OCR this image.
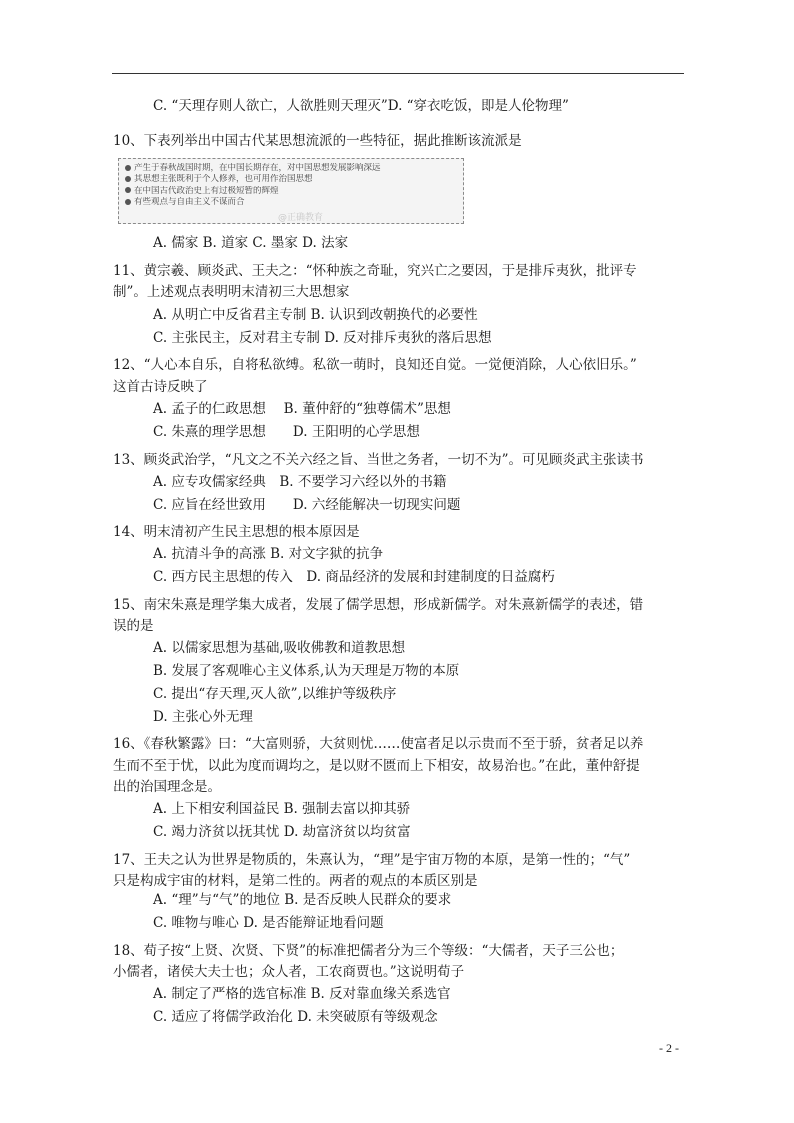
C. “天理存则人欲亡，人欲胜则天理灭”D. “穿衣吃饭，即是人伦物理”
10、下表列举出中国古代某思想流派的一些特征，据此推断该流派是
A. 儒家 B. 道家 C. 墨家 D. 法家
11、黄宗羲、顾炎武、王夫之：“怀种族之奇耻，究兴亡之要因，于是排斥夷狄，批评专
制”。上述观点表明明末清初三大思想家
A. 从明亡中反省君主专制 B. 认识到改朝换代的必要性
C. 主张民主，反对君主专制 D. 反对排斥夷狄的落后思想
12、“人心本自乐，自将私欲缚。私欲一萌时，良知还自觉。一觉便消除，人心依旧乐。”
这首古诗反映了
A. 孟子的仁政思想　 B. 董仲舒的“独尊儒术”思想
C. 朱熹的理学思想　　D. 王阳明的心学思想
13、顾炎武治学，“凡文之不关六经之旨、当世之务者，一切不为”。可见顾炎武主张读书
A. 应专攻儒家经典　B. 不要学习六经以外的书籍
C. 应旨在经世致用　　D. 六经能解决一切现实问题
14、明末清初产生民主思想的根本原因是
A. 抗清斗争的高涨 B. 对文字狱的抗争
C. 西方民主思想的传入　D. 商品经济的发展和封建制度的日益腐朽
15、南宋朱熹是理学集大成者，发展了儒学思想，形成新儒学。对朱熹新儒学的表述，错
误的是
A. 以儒家思想为基础,吸收佛教和道教思想
B. 发展了客观唯心主义体系,认为天理是万物的本原
C. 提出“存天理,灭人欲”,以维护等级秩序
D. 主张心外无理
16、《春秋繁露》曰：“大富则骄，大贫则忧……使富者足以示贵而不至于骄，贫者足以养
生而不至于忧，以此为度而调均之，是以财不匮而上下相安，故易治也。”在此，董仲舒提
出的治国理念是。
A. 上下相安利国益民 B. 强制去富以抑其骄
C. 竭力济贫以抚其忧 D. 劫富济贫以均贫富
17、王夫之认为世界是物质的，朱熹认为，“理”是宇宙万物的本原，是第一性的；“气”
只是构成宇宙的材料，是第二性的。两者的观点的本质区别是
A. “理”与“气”的地位 B. 是否反映人民群众的要求
C. 唯物与唯心 D. 是否能辩证地看问题
18、荀子按“上贤、次贤、下贤”的标准把儒者分为三个等级：“大儒者，天子三公也；
小儒者，诸侯大夫士也；众人者，工农商贾也。”这说明荀子
A. 制定了严格的选官标准 B. 反对靠血缘关系选官
C. 适应了将儒学政治化 D. 未突破原有等级观念
产生于春秋战国时期，在中国长期存在，对中国思想发展影响深远
其思想主张既利于个人修养，也可用作治国思想
在中国古代政治史上有过极短暂的辉煌
有些观点与自由主义不谋而合
@正确教育
- 2 -
